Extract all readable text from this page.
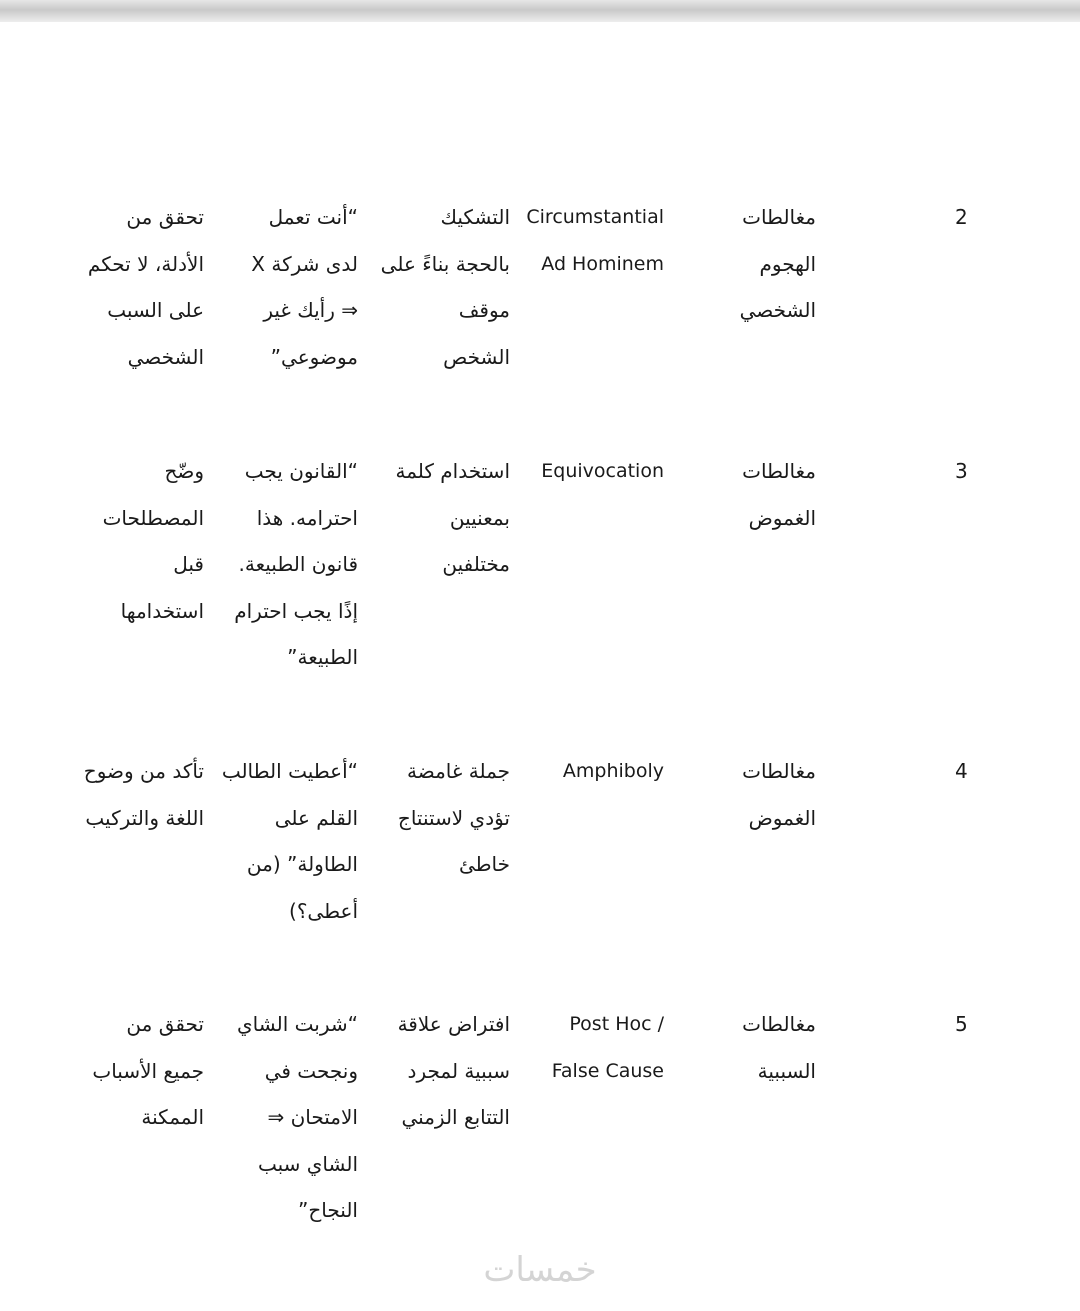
2
مغالطات
الهجوم
الشخصي
Circumstantial
Ad Hominem
التشكيك
بالحجة بناءً على
موقف
الشخص
“أنت تعمل
لدى شركة X
⇒ رأيك غير
موضوعي”
تحقق من
الأدلة، لا تحكم
على السبب
الشخصي
3
مغالطات
الغموض
Equivocation
استخدام كلمة
بمعنيين
مختلفين
“القانون يجب
احترامه. هذا
قانون الطبيعة.
إذًا يجب احترام
الطبيعة”
وضّح
المصطلحات
قبل
استخدامها
4
مغالطات
الغموض
Amphiboly
جملة غامضة
تؤدي لاستنتاج
خاطئ
“أعطيت الطالب
القلم على
الطاولة” (من
أعطى؟)
تأكد من وضوح
اللغة والتركيب
5
مغالطات
السببية
Post Hoc /
False Cause
افتراض علاقة
سببية لمجرد
التتابع الزمني
“شربت الشاي
ونجحت في
الامتحان ⇒
الشاي سبب
النجاح”
تحقق من
جميع الأسباب
الممكنة
خمسات
